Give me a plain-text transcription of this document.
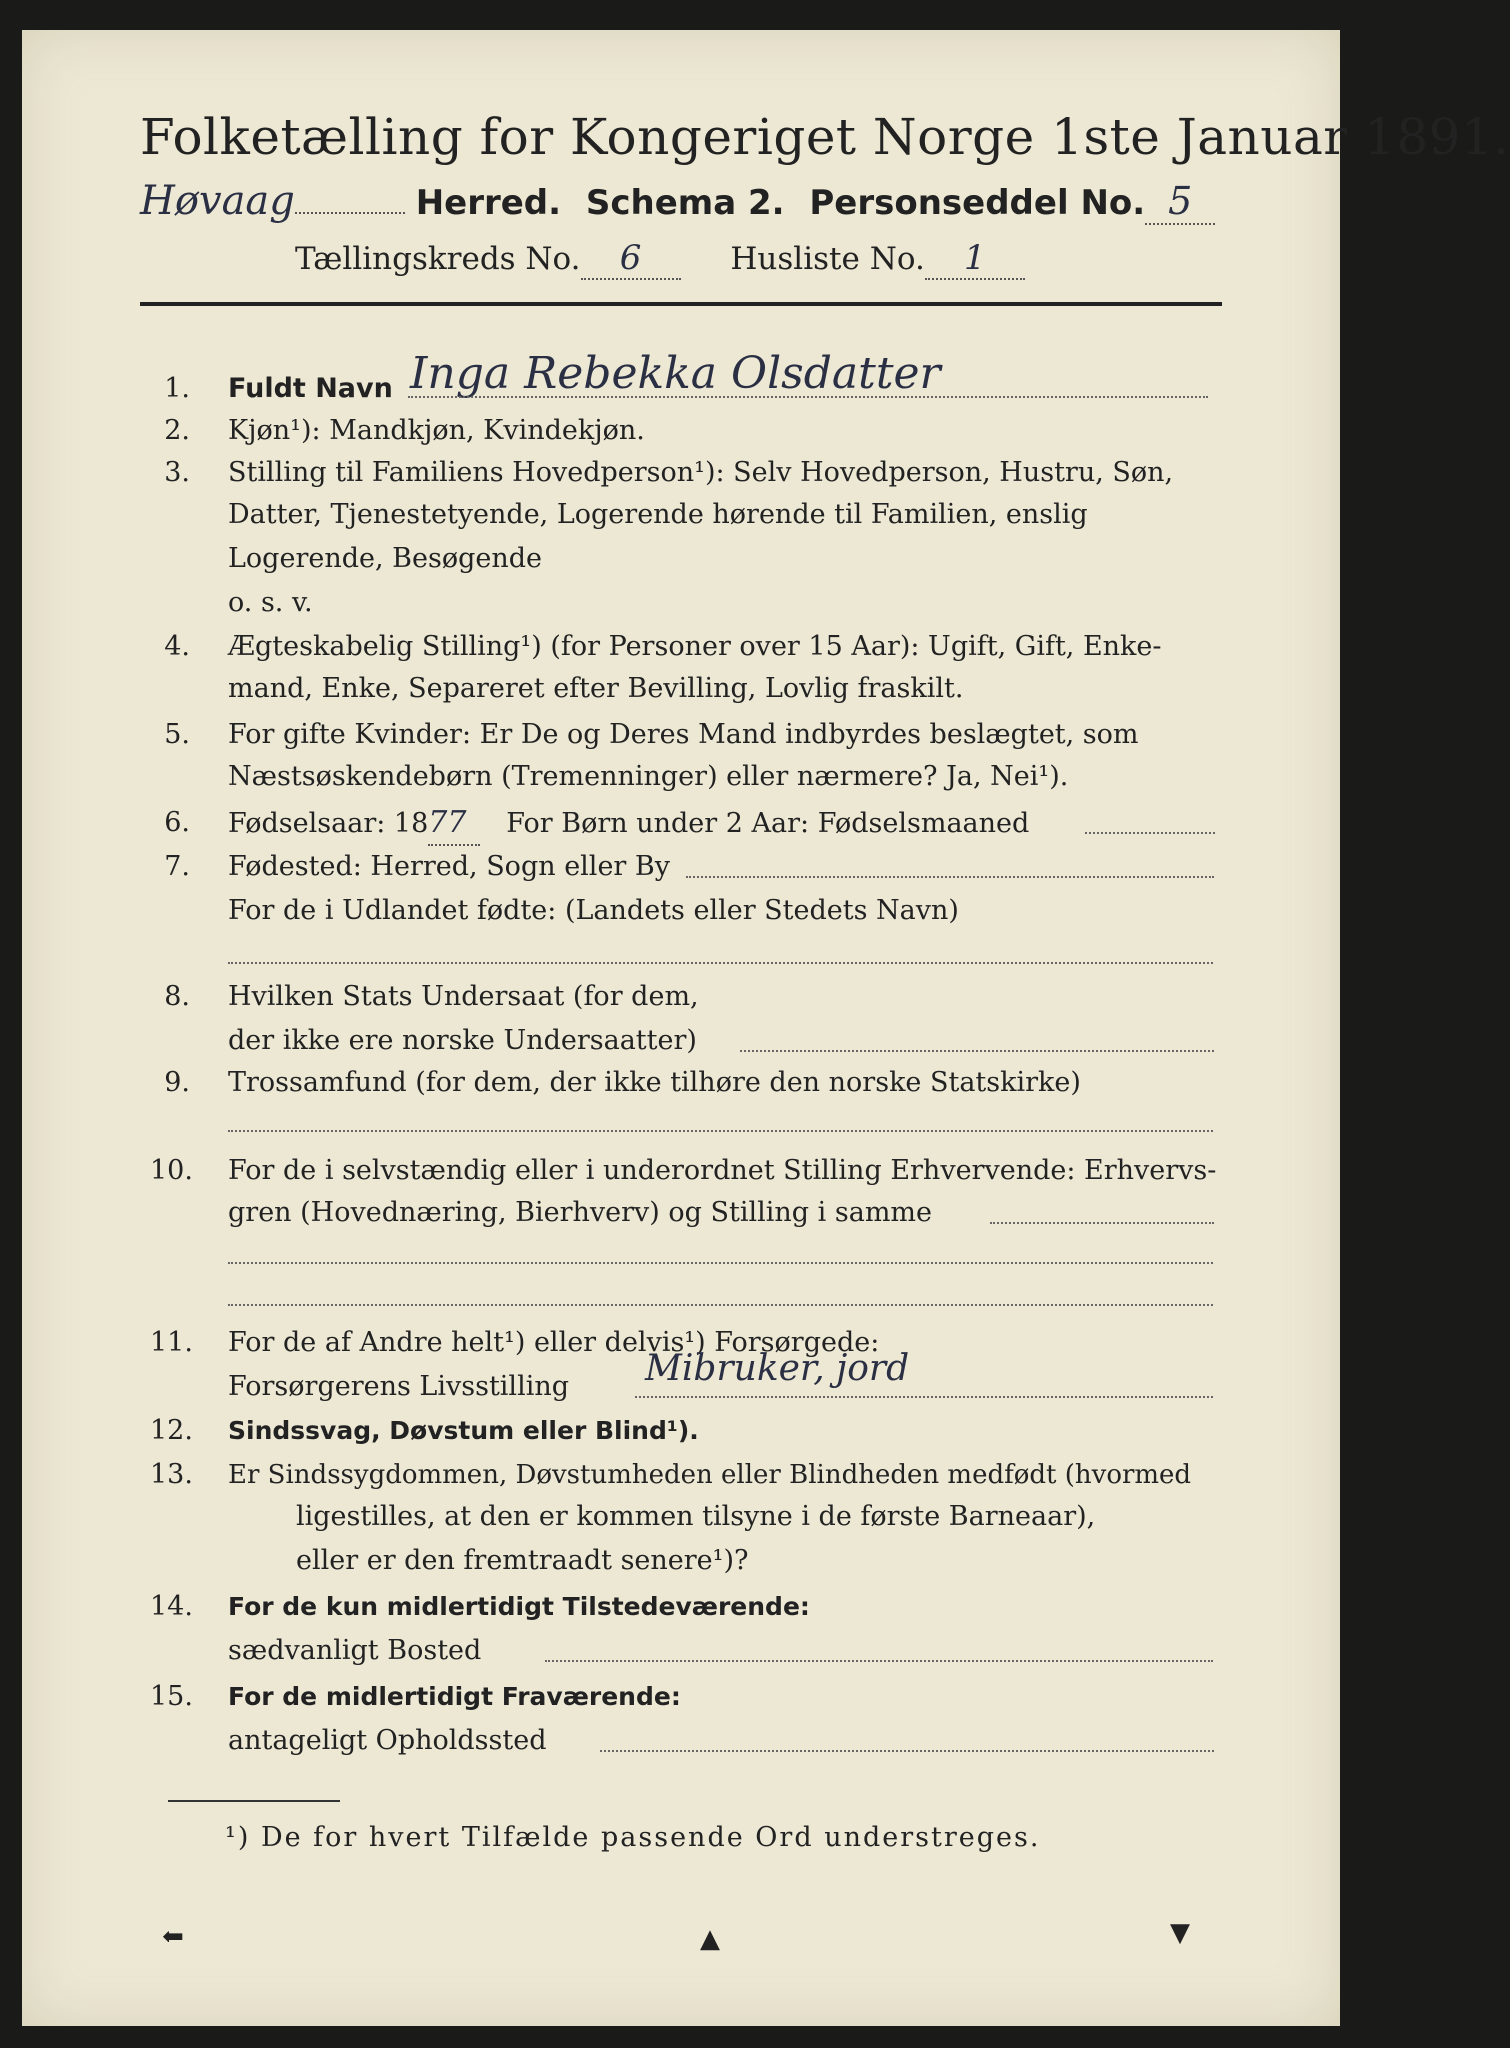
Folketælling for Kongeriget Norge 1ste Januar 1891.
Høvaag	Herred. Schema 2. Personseddel No. 5
Tællingskreds No. 6	Husliste No. 1
1. Fuldt Navn Inga Rebekka Olsdatter
2. Kjøn¹): Mandkjøn, Kvindekjøn.
3. Stilling til Familiens Hovedperson¹): Selv Hovedperson, Hustru, Søn,
Datter, Tjenestetyende, Logerende hørende til Familien, enslig
Logerende, Besøgende
o. s. v.
4. Ægteskabelig Stilling¹) (for Personer over 15 Aar): Ugift, Gift, Enke-
mand, Enke, Separeret efter Bevilling, Lovlig fraskilt.
5. For gifte Kvinder: Er De og Deres Mand indbyrdes beslægtet, som
Næstsøskendebørn (Tremenninger) eller nærmere? Ja, Nei¹).
6. Fødselsaar: 1877 For Børn under 2 Aar: Fødselsmaaned
7. Fødested: Herred, Sogn eller By
For de i Udlandet fødte: (Landets eller Stedets Navn)
8. Hvilken Stats Undersaat (for dem,
der ikke ere norske Undersaatter)
9. Trossamfund (for dem, der ikke tilhøre den norske Statskirke)
10. For de i selvstændig eller i underordnet Stilling Erhvervende: Erhvervs-
gren (Hovednæring, Bierhverv) og Stilling i samme
11. For de af Andre helt¹) eller delvis¹) Forsørgede:
Forsørgerens Livsstilling	Mibruker, jord
12. Sindssvag, Døvstum eller Blind¹).
13. Er Sindssygdommen, Døvstumheden eller Blindheden medfødt (hvormed
ligestilles, at den er kommen tilsyne i de første Barneaar),
eller er den fremtraadt senere¹)?
14. For de kun midlertidigt Tilstedeværende:
sædvanligt Bosted
15. For de midlertidigt Fraværende:
antageligt Opholdssted
¹) De for hvert Tilfælde passende Ord understreges.
⬅	▲	▼
